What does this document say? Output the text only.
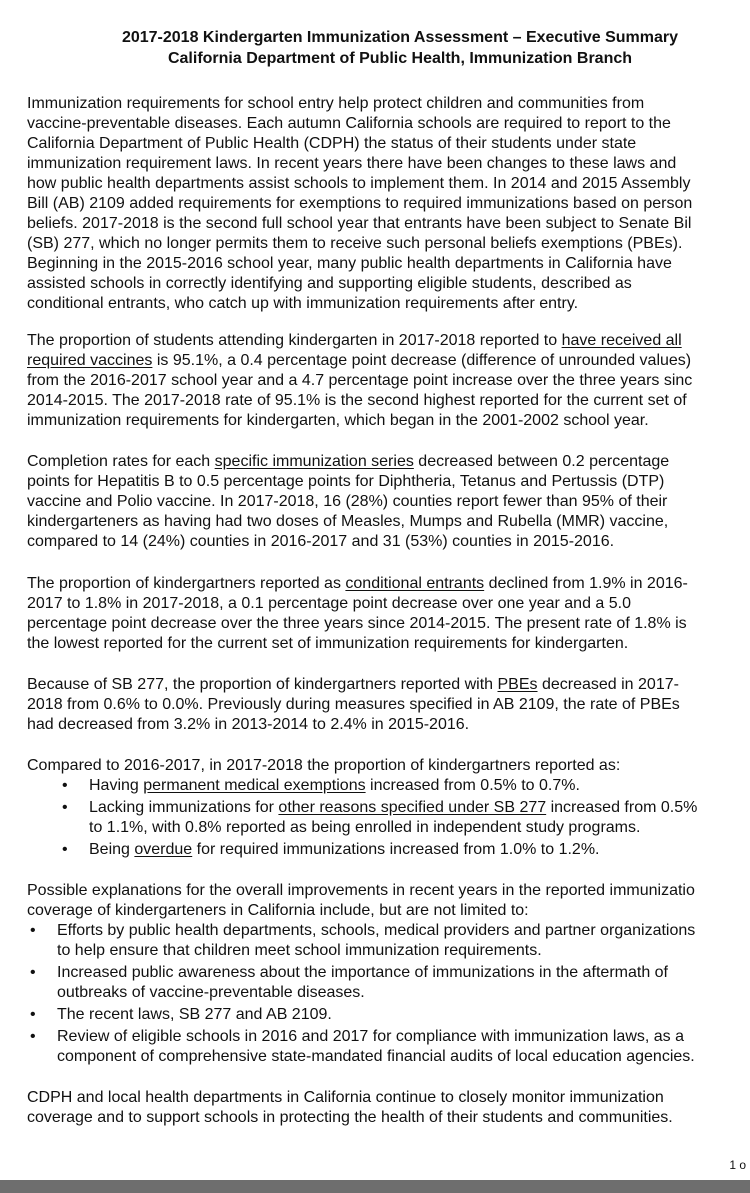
2017-2018 Kindergarten Immunization Assessment – Executive Summary
California Department of Public Health, Immunization Branch
Immunization requirements for school entry help protect children and communities from
vaccine-preventable diseases. Each autumn California schools are required to report to the
California Department of Public Health (CDPH) the status of their students under state
immunization requirement laws. In recent years there have been changes to these laws and
how public health departments assist schools to implement them. In 2014 and 2015 Assembly
Bill (AB) 2109 added requirements for exemptions to required immunizations based on person
beliefs. 2017-2018 is the second full school year that entrants have been subject to Senate Bil
(SB) 277, which no longer permits them to receive such personal beliefs exemptions (PBEs).
Beginning in the 2015-2016 school year, many public health departments in California have
assisted schools in correctly identifying and supporting eligible students, described as
conditional entrants, who catch up with immunization requirements after entry.
The proportion of students attending kindergarten in 2017-2018 reported to have received all
required vaccines is 95.1%, a 0.4 percentage point decrease (difference of unrounded values)
from the 2016-2017 school year and a 4.7 percentage point increase over the three years sinc
2014-2015. The 2017-2018 rate of 95.1% is the second highest reported for the current set of
immunization requirements for kindergarten, which began in the 2001-2002 school year.
Completion rates for each specific immunization series decreased between 0.2 percentage
points for Hepatitis B to 0.5 percentage points for Diphtheria, Tetanus and Pertussis (DTP)
vaccine and Polio vaccine. In 2017-2018, 16 (28%) counties report fewer than 95% of their
kindergarteners as having had two doses of Measles, Mumps and Rubella (MMR) vaccine,
compared to 14 (24%) counties in 2016-2017 and 31 (53%) counties in 2015-2016.
The proportion of kindergartners reported as conditional entrants declined from 1.9% in 2016-
2017 to 1.8% in 2017-2018, a 0.1 percentage point decrease over one year and a 5.0
percentage point decrease over the three years since 2014-2015. The present rate of 1.8% is
the lowest reported for the current set of immunization requirements for kindergarten.
Because of SB 277, the proportion of kindergartners reported with PBEs decreased in 2017-
2018 from 0.6% to 0.0%. Previously during measures specified in AB 2109, the rate of PBEs
had decreased from 3.2% in 2013-2014 to 2.4% in 2015-2016.
Compared to 2016-2017, in 2017-2018 the proportion of kindergartners reported as:
• Having permanent medical exemptions increased from 0.5% to 0.7%.
• Lacking immunizations for other reasons specified under SB 277 increased from 0.5%
to 1.1%, with 0.8% reported as being enrolled in independent study programs.
• Being overdue for required immunizations increased from 1.0% to 1.2%.
Possible explanations for the overall improvements in recent years in the reported immunizatio
coverage of kindergarteners in California include, but are not limited to:
• Efforts by public health departments, schools, medical providers and partner organizations
to help ensure that children meet school immunization requirements.
• Increased public awareness about the importance of immunizations in the aftermath of
outbreaks of vaccine-preventable diseases.
• The recent laws, SB 277 and AB 2109.
• Review of eligible schools in 2016 and 2017 for compliance with immunization laws, as a
component of comprehensive state-mandated financial audits of local education agencies.
CDPH and local health departments in California continue to closely monitor immunization
coverage and to support schools in protecting the health of their students and communities.
1 o
